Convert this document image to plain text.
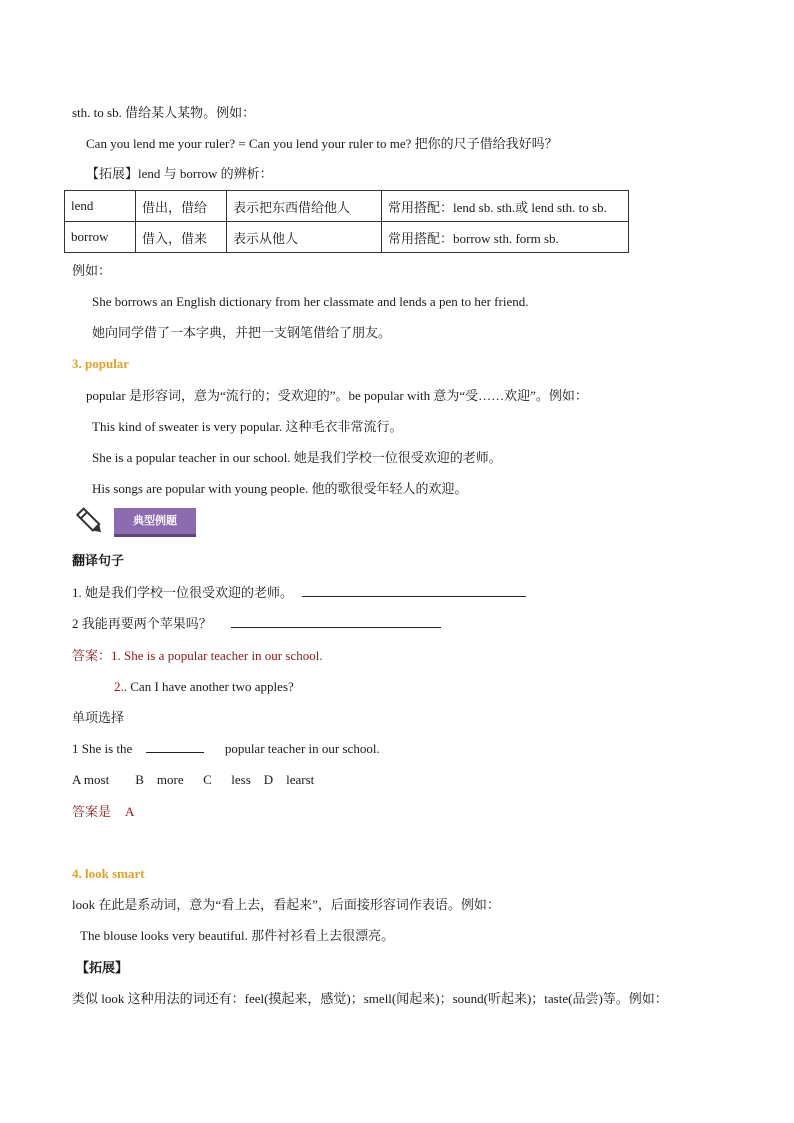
sth. to sb. 借给某人某物。例如：
Can you lend me your ruler? = Can you lend your ruler to me? 把你的尺子借给我好吗？
【拓展】lend 与 borrow 的辨析：
lend	借出，借给	表示把东西借给他人	常用搭配：lend sb. sth.或 lend sth. to sb.
borrow	借入，借来	表示从他人	常用搭配：borrow sth. form sb.
例如：
She borrows an English dictionary from her classmate and lends a pen to her friend.
她向同学借了一本字典，并把一支钢笔借给了朋友。
3. popular
popular 是形容词，意为“流行的；受欢迎的”。be popular with 意为“受……欢迎”。例如：
This kind of sweater is very popular. 这种毛衣非常流行。
She is a popular teacher in our school. 她是我们学校一位很受欢迎的老师。
His songs are popular with young people. 他的歌很受年轻人的欢迎。
典型例题
翻译句子
1. 她是我们学校一位很受欢迎的老师。
2 我能再要两个苹果吗？
答案：1. She is a popular teacher in our school.
2.. Can I have another two apples?
单项选择
1 She is the	popular teacher in our school.
A most        B    more      C      less    D    learst
答案是 A
4. look smart
look 在此是系动词，意为“看上去，看起来”，后面接形容词作表语。例如：
The blouse looks very beautiful. 那件衬衫看上去很漂亮。
【拓展】
类似 look 这种用法的词还有：feel(摸起来，感觉)；smell(闻起来)；sound(听起来)；taste(品尝)等。例如：
